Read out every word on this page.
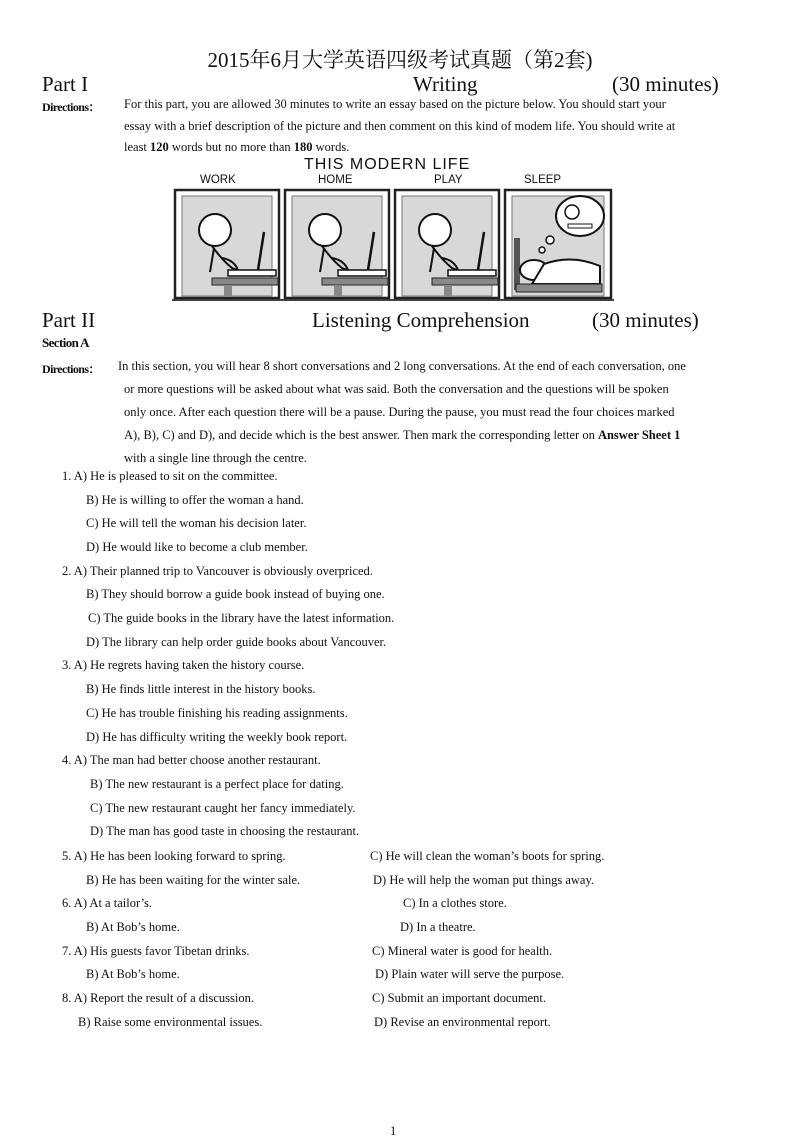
2015年6月大学英语四级考试真题（第2套)
Part I	Writing	(30 minutes)
Directions： For this part, you are allowed 30 minutes to write an essay based on the picture below. You should start your
essay with a brief description of the picture and then comment on this kind of modem life. You should write at
least 120 words but no more than 180 words.
THIS MODERN LIFE
WORK	HOME	PLAY	SLEEP
Part II	Listening Comprehension	(30 minutes)
Section A
Directions： In this section, you will hear 8 short conversations and 2 long conversations. At the end of each conversation, one
or more questions will be asked about what was said. Both the conversation and the questions will be spoken
only once. After each question there will be a pause. During the pause, you must read the four choices marked
A), B), C) and D), and decide which is the best answer. Then mark the corresponding letter on Answer Sheet 1
with a single line through the centre.
1. A) He is pleased to sit on the committee.
B) He is willing to offer the woman a hand.
C) He will tell the woman his decision later.
D) He would like to become a club member.
2. A) Their planned trip to Vancouver is obviously overpriced.
B) They should borrow a guide book instead of buying one.
C) The guide books in the library have the latest information.
D) The library can help order guide books about Vancouver.
3. A) He regrets having taken the history course.
B) He finds little interest in the history books.
C) He has trouble finishing his reading assignments.
D) He has difficulty writing the weekly book report.
4. A) The man had better choose another restaurant.
B) The new restaurant is a perfect place for dating.
C) The new restaurant caught her fancy immediately.
D) The man has good taste in choosing the restaurant.
5. A) He has been looking forward to spring.	C) He will clean the woman’s boots for spring.
B) He has been waiting for the winter sale.	D) He will help the woman put things away.
6. A) At a tailor’s.	C) In a clothes store.
B) At Bob’s home.	D) In a theatre.
7. A) His guests favor Tibetan drinks.	C) Mineral water is good for health.
B) At Bob’s home.	D) Plain water will serve the purpose.
8. A) Report the result of a discussion.	C) Submit an important document.
B) Raise some environmental issues.	D) Revise an environmental report.
1
